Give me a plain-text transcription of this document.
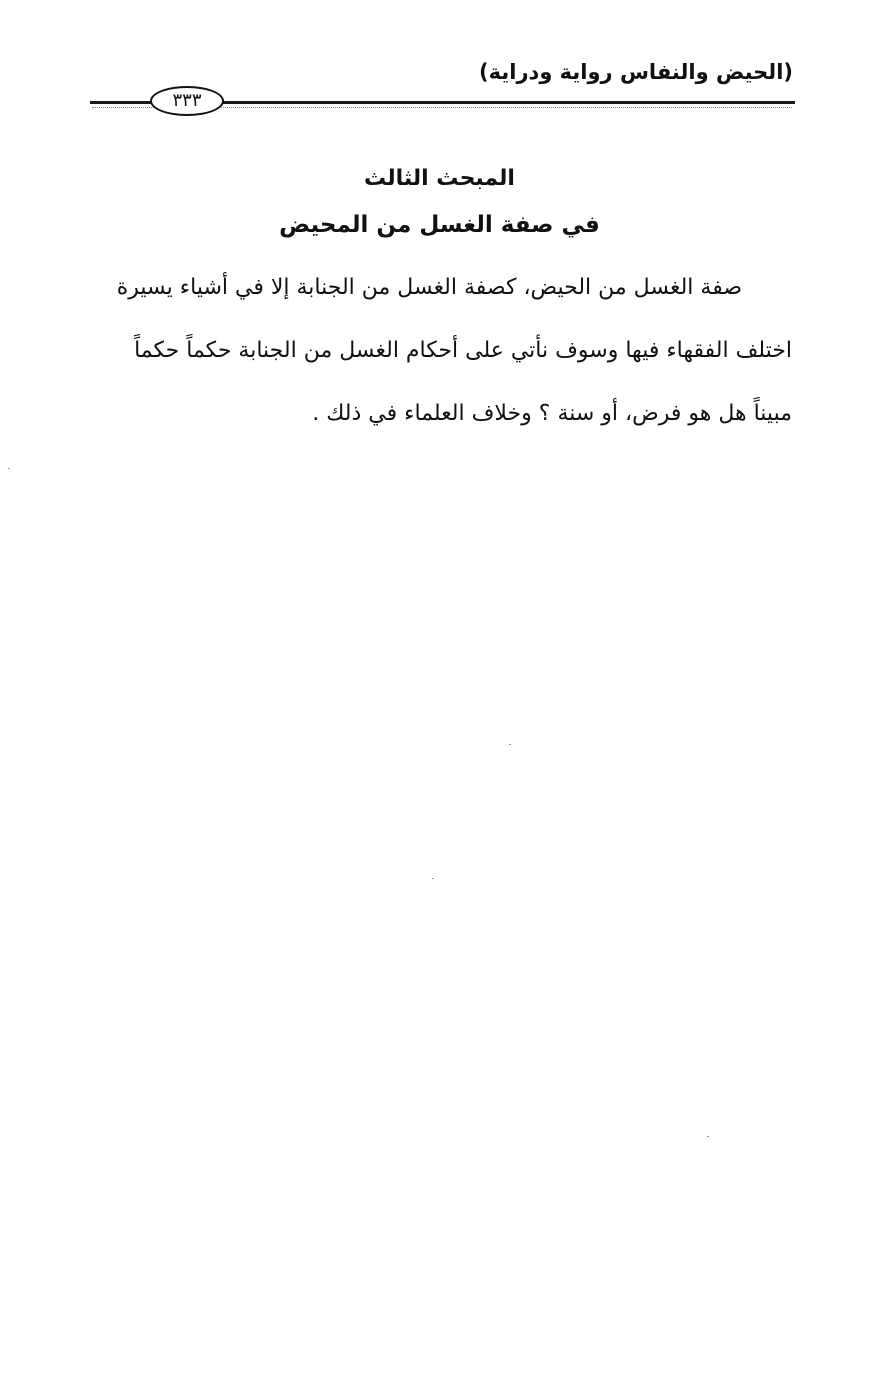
(الحيض والنفاس رواية ودراية)
٣٣٣
المبحث الثالث
في صفة الغسل من المحيض
صفة الغسل من الحيض، كصفة الغسل من الجنابة إلا في أشياء يسيرة
اختلف الفقهاء فيها وسوف نأتي على أحكام الغسل من الجنابة حكماً حكماً
مبيناً هل هو فرض، أو سنة ؟ وخلاف العلماء في ذلك .
